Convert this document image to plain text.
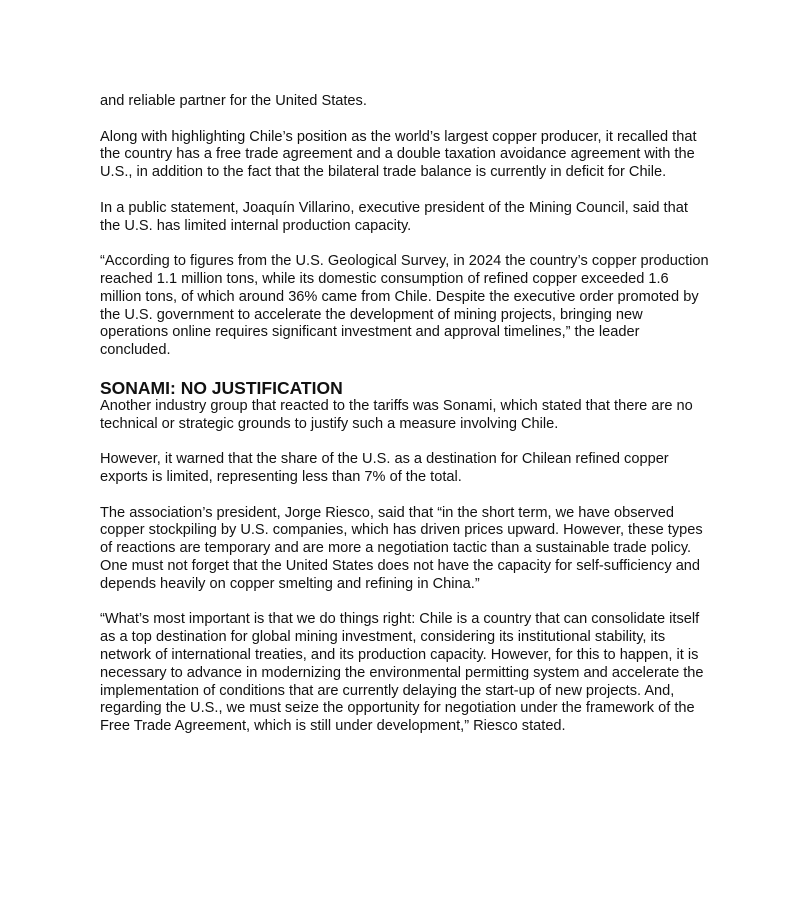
and reliable partner for the United States.

Along with highlighting Chile’s position as the world’s largest copper producer, it recalled that the country has a free trade agreement and a double taxation avoidance agreement with the U.S., in addition to the fact that the bilateral trade balance is currently in deficit for Chile.

In a public statement, Joaquín Villarino, executive president of the Mining Council, said that the U.S. has limited internal production capacity.

“According to figures from the U.S. Geological Survey, in 2024 the country’s copper production reached 1.1 million tons, while its domestic consumption of refined copper exceeded 1.6 million tons, of which around 36% came from Chile. Despite the executive order promoted by the U.S. government to accelerate the development of mining projects, bringing new operations online requires significant investment and approval timelines,” the leader concluded.

SONAMI: NO JUSTIFICATION

Another industry group that reacted to the tariffs was Sonami, which stated that there are no technical or strategic grounds to justify such a measure involving Chile.

However, it warned that the share of the U.S. as a destination for Chilean refined copper exports is limited, representing less than 7% of the total.

The association’s president, Jorge Riesco, said that “in the short term, we have observed copper stockpiling by U.S. companies, which has driven prices upward. However, these types of reactions are temporary and are more a negotiation tactic than a sustainable trade policy. One must not forget that the United States does not have the capacity for self-sufficiency and depends heavily on copper smelting and refining in China.”

“What’s most important is that we do things right: Chile is a country that can consolidate itself as a top destination for global mining investment, considering its institutional stability, its network of international treaties, and its production capacity. However, for this to happen, it is necessary to advance in modernizing the environmental permitting system and accelerate the implementation of conditions that are currently delaying the start-up of new projects. And, regarding the U.S., we must seize the opportunity for negotiation under the framework of the Free Trade Agreement, which is still under development,” Riesco stated.
